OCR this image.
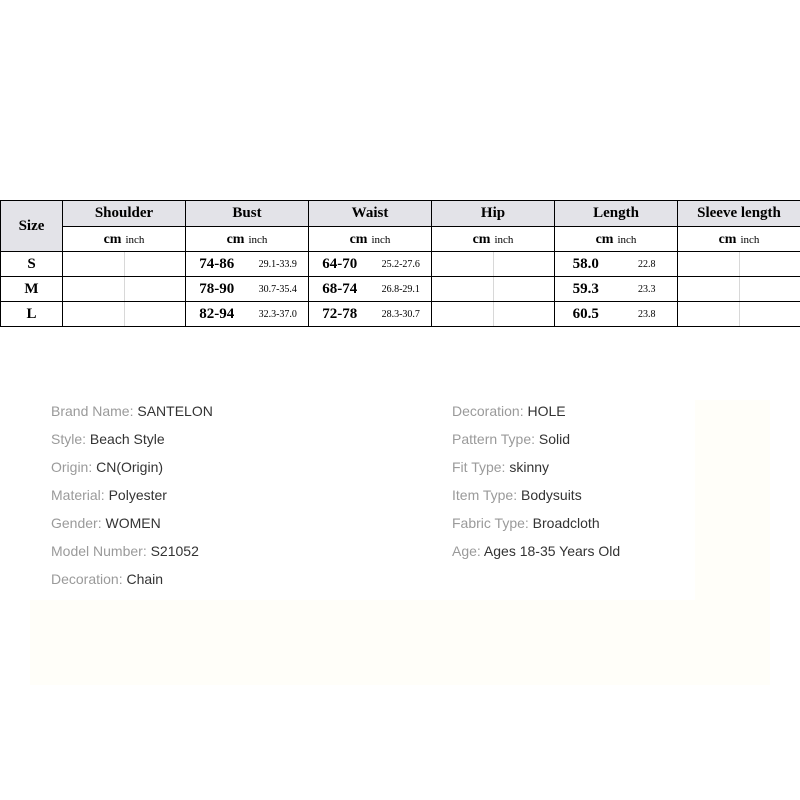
Size	Shoulder		Bust		Waist		Hip		Length		Sleeve length	
	cm inch		cm inch		cm inch		cm inch		cm inch		cm inch	
S			74-86	29.1-33.9	64-70	25.2-27.6			58.0	22.8		
M			78-90	30.7-35.4	68-74	26.8-29.1			59.3	23.3		
L			82-94	32.3-37.0	72-78	28.3-30.7			60.5	23.8		
Brand Name: SANTELON
Style: Beach Style
Origin: CN(Origin)
Material: Polyester
Gender: WOMEN
Model Number: S21052
Decoration: Chain
Decoration: HOLE
Pattern Type: Solid
Fit Type: skinny
Item Type: Bodysuits
Fabric Type: Broadcloth
Age: Ages 18-35 Years Old
